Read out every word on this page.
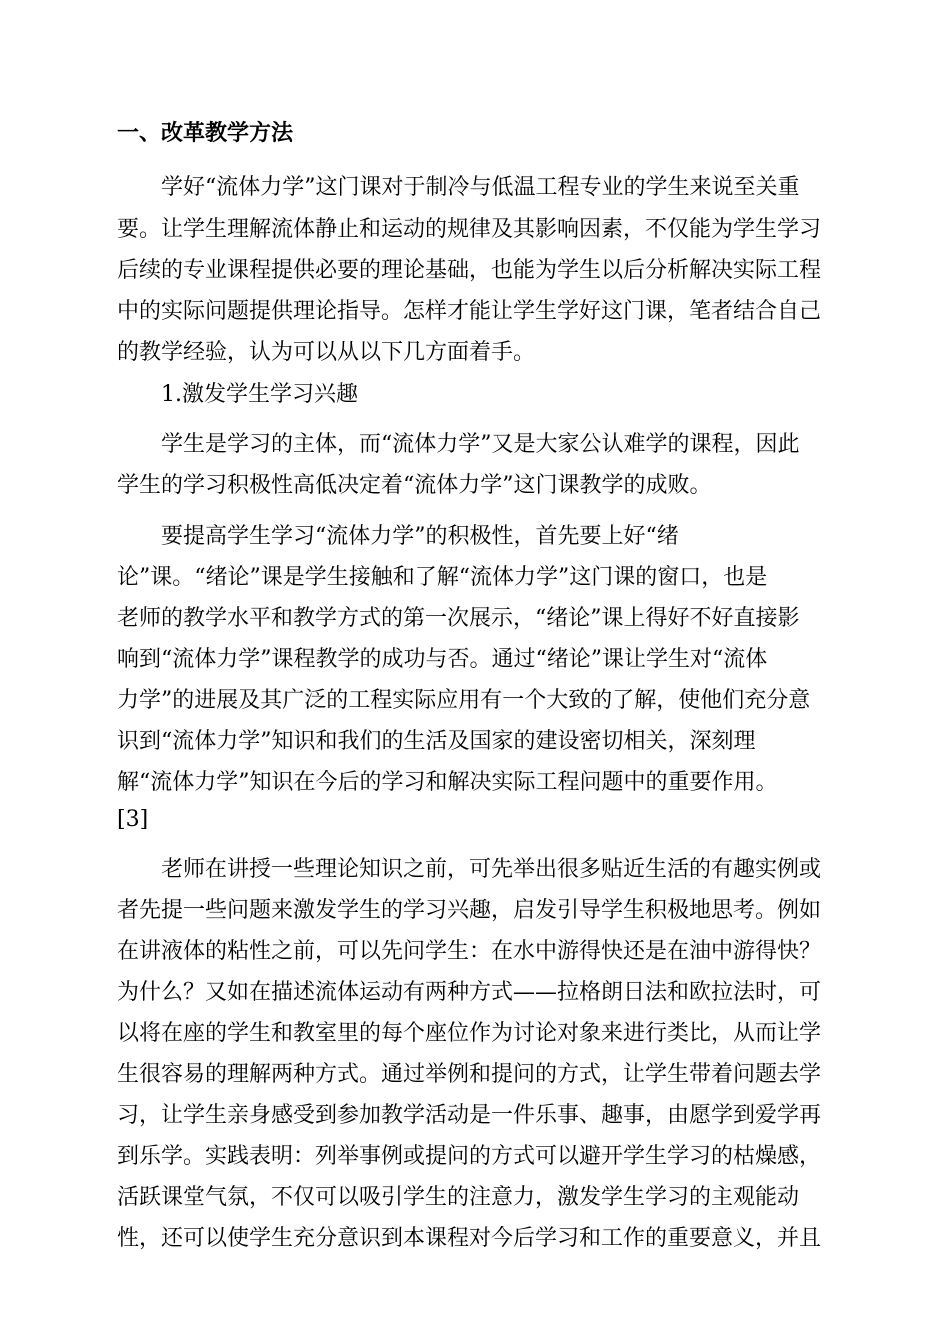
一、改革教学方法
学好“流体力学”这门课对于制冷与低温工程专业的学生来说至关重
要。让学生理解流体静止和运动的规律及其影响因素，不仅能为学生学习
后续的专业课程提供必要的理论基础，也能为学生以后分析解决实际工程
中的实际问题提供理论指导。怎样才能让学生学好这门课，笔者结合自己
的教学经验，认为可以从以下几方面着手。
1.激发学生学习兴趣
学生是学习的主体，而“流体力学”又是大家公认难学的课程，因此
学生的学习积极性高低决定着“流体力学”这门课教学的成败。
要提高学生学习“流体力学”的积极性，首先要上好“绪
论”课。“绪论”课是学生接触和了解“流体力学”这门课的窗口，也是
老师的教学水平和教学方式的第一次展示，“绪论”课上得好不好直接影
响到“流体力学”课程教学的成功与否。通过“绪论”课让学生对“流体
力学”的进展及其广泛的工程实际应用有一个大致的了解，使他们充分意
识到“流体力学”知识和我们的生活及国家的建设密切相关，深刻理
解“流体力学”知识在今后的学习和解决实际工程问题中的重要作用。
[3]
老师在讲授一些理论知识之前，可先举出很多贴近生活的有趣实例或
者先提一些问题来激发学生的学习兴趣，启发引导学生积极地思考。例如
在讲液体的粘性之前，可以先问学生：在水中游得快还是在油中游得快？
为什么？又如在描述流体运动有两种方式——拉格朗日法和欧拉法时，可
以将在座的学生和教室里的每个座位作为讨论对象来进行类比，从而让学
生很容易的理解两种方式。通过举例和提问的方式，让学生带着问题去学
习，让学生亲身感受到参加教学活动是一件乐事、趣事，由愿学到爱学再
到乐学。实践表明：列举事例或提问的方式可以避开学生学习的枯燥感，
活跃课堂气氛，不仅可以吸引学生的注意力，激发学生学习的主观能动
性，还可以使学生充分意识到本课程对今后学习和工作的重要意义，并且
